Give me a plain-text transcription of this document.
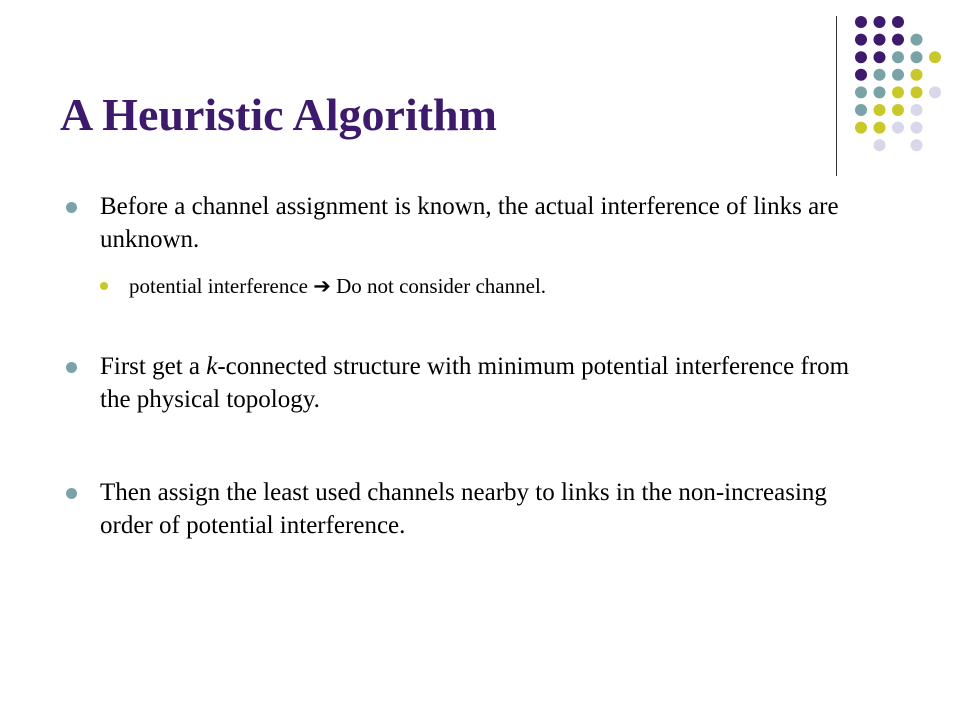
A Heuristic Algorithm
Before a channel assignment is known, the actual interference of links are unknown.
potential interference ➔ Do not consider channel.
First get a k-connected structure with minimum potential interference from the physical topology.
Then assign the least used channels nearby to links in the non-increasing order of potential interference.
